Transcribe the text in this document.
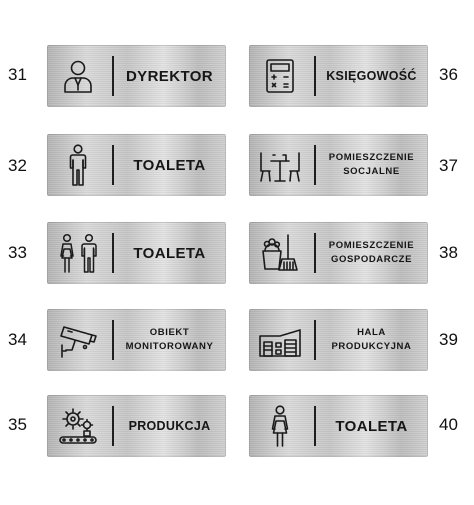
31	DYREKTOR
32	TOALETA
33	TOALETA
34	OBIEKT
MONITOROWANY
35	PRODUKCJA
KSIĘGOWOŚĆ 36
POMIESZCZENIE
SOCJALNE 37
POMIESZCZENIE
GOSPODARCZE 38
HALA
PRODUKCYJNA 39
TOALETA 40
